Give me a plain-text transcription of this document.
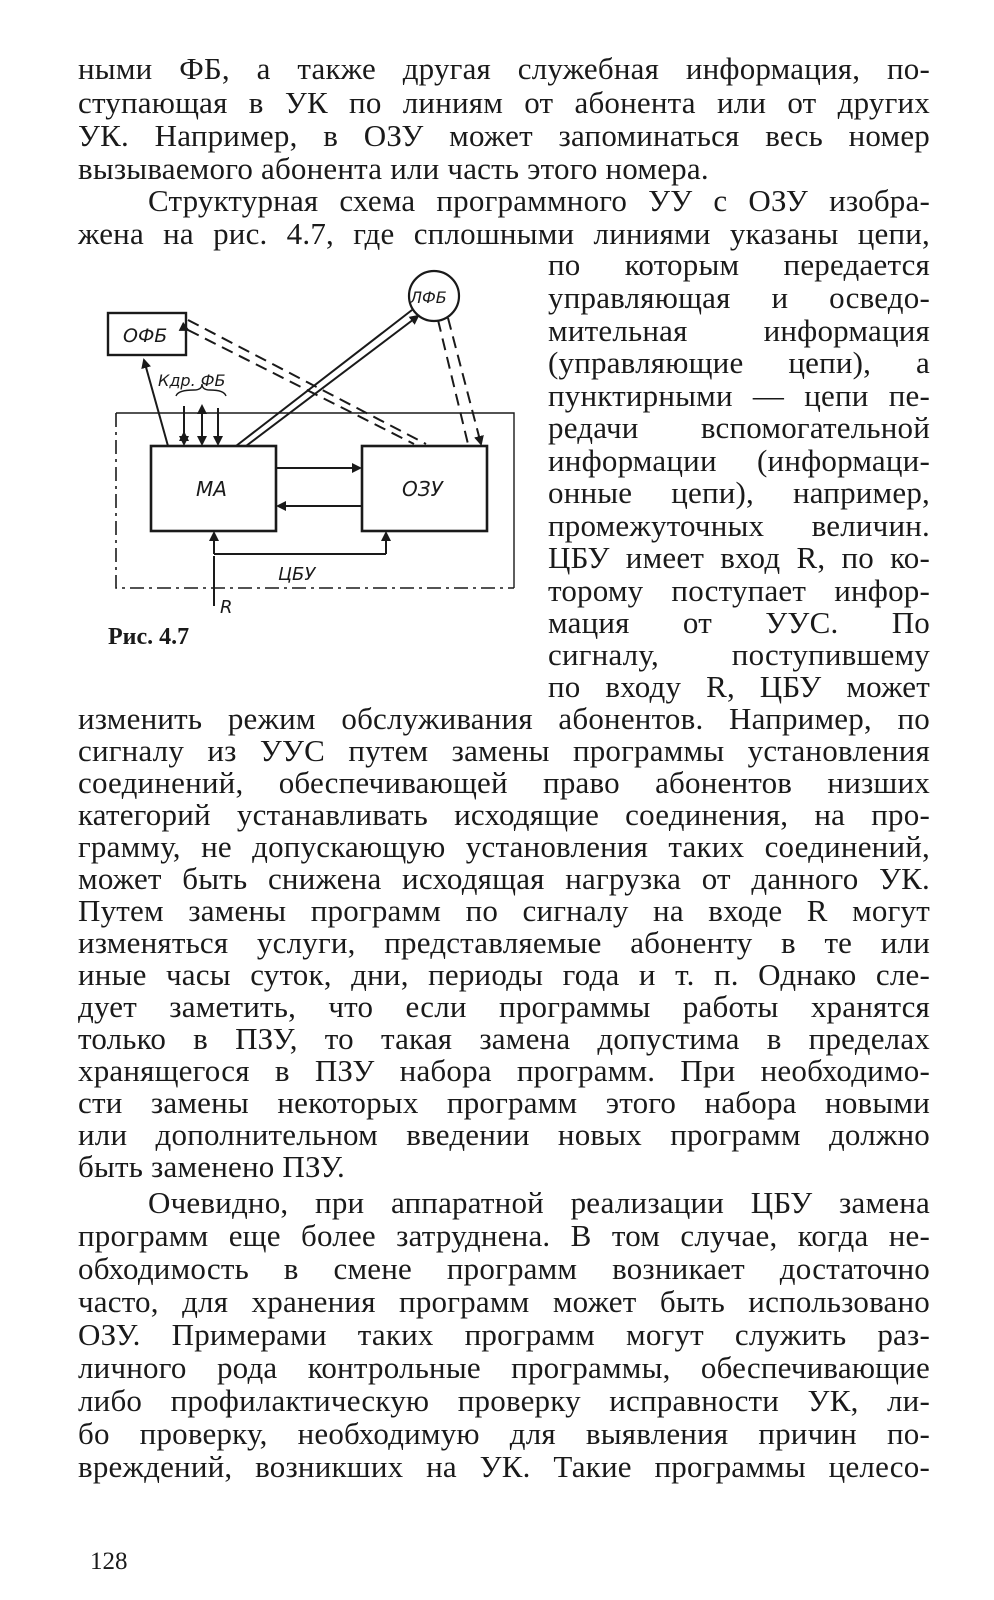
ными ФБ, а также другая служебная информация, по-
ступающая в УК по линиям от абонента или от других
УК. Например, в ОЗУ может запоминаться весь номер
вызываемого абонента или часть этого номера.
Структурная схема программного УУ с ОЗУ изобра-
жена на рис. 4.7, где сплошными линиями указаны цепи,
по которым передается
управляющая и осведо-
мительная информация
(управляющие цепи), а
пунктирными — цепи пе-
редачи вспомогательной
информации (информаци-
онные цепи), например,
промежуточных величин.
ЦБУ имеет вход R, по ко-
торому поступает инфор-
мация от УУС. По
сигналу, поступившему
по входу R, ЦБУ может
ОФБ
ЛФБ
МА	ОЗУ
Кдр. ФБ
ЦБУ
R
Рис. 4.7
изменить режим обслуживания абонентов. Например, по
сигналу из УУС путем замены программы установления
соединений, обеспечивающей право абонентов низших
категорий устанавливать исходящие соединения, на про-
грамму, не допускающую установления таких соединений,
может быть снижена исходящая нагрузка от данного УК.
Путем замены программ по сигналу на входе R могут
изменяться услуги, представляемые абоненту в те или
иные часы суток, дни, периоды года и т. п. Однако сле-
дует заметить, что если программы работы хранятся
только в ПЗУ, то такая замена допустима в пределах
хранящегося в ПЗУ набора программ. При необходимо-
сти замены некоторых программ этого набора новыми
или дополнительном введении новых программ должно
быть заменено ПЗУ.
Очевидно, при аппаратной реализации ЦБУ замена
программ еще более затруднена. В том случае, когда не-
обходимость в смене программ возникает достаточно
часто, для хранения программ может быть использовано
ОЗУ. Примерами таких программ могут служить раз-
личного рода контрольные программы, обеспечивающие
либо профилактическую проверку исправности УК, ли-
бо проверку, необходимую для выявления причин по-
вреждений, возникших на УК. Такие программы целесо-
128
